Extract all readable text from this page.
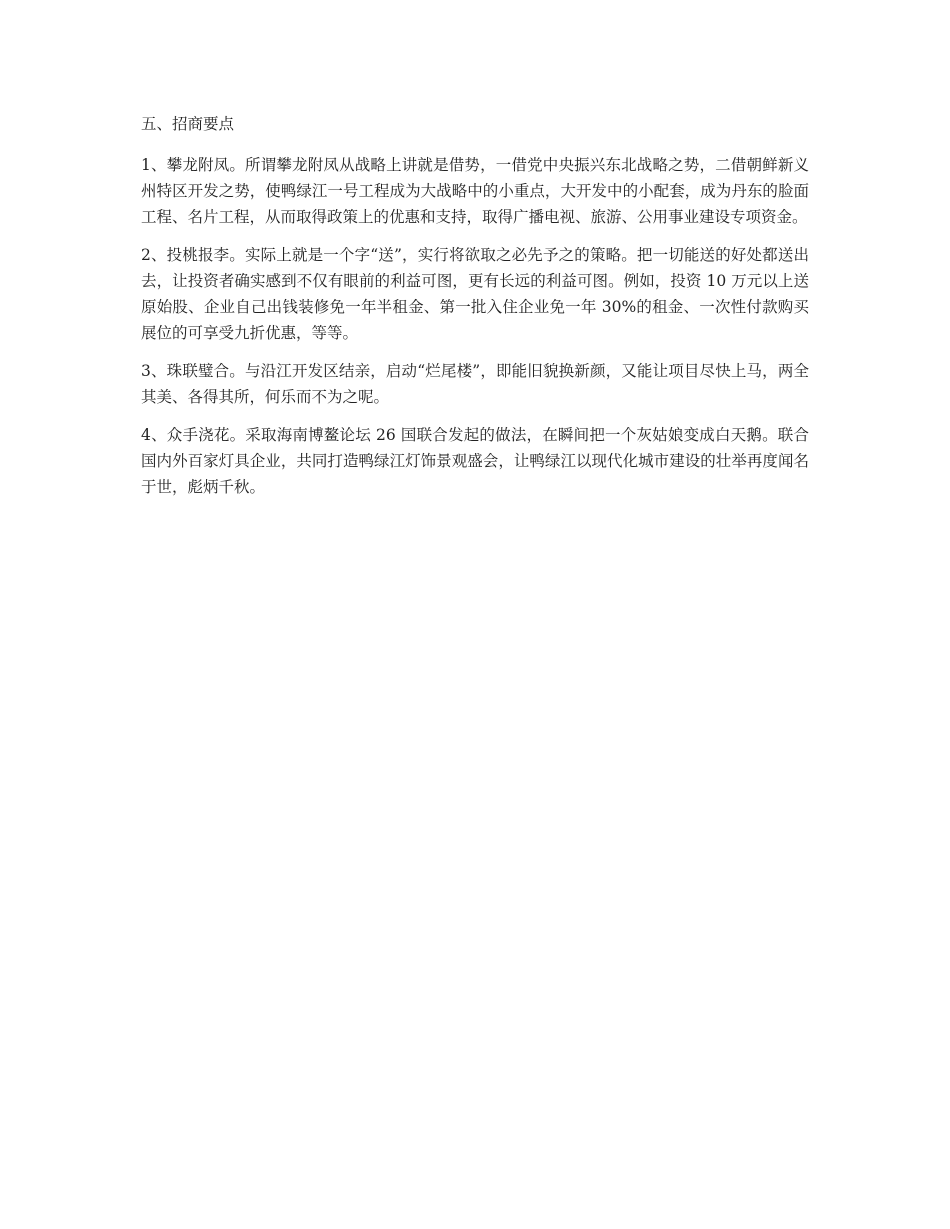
五、招商要点

1、攀龙附凤。所谓攀龙附凤从战略上讲就是借势，一借党中央振兴东北战略之势，二借朝鲜新义州特区开发之势，使鸭绿江一号工程成为大战略中的小重点，大开发中的小配套，成为丹东的脸面工程、名片工程，从而取得政策上的优惠和支持，取得广播电视、旅游、公用事业建设专项资金。

2、投桃报李。实际上就是一个字“送”，实行将欲取之必先予之的策略。把一切能送的好处都送出去，让投资者确实感到不仅有眼前的利益可图，更有长远的利益可图。例如，投资 10 万元以上送原始股、企业自己出钱装修免一年半租金、第一批入住企业免一年 30%的租金、一次性付款购买展位的可享受九折优惠，等等。

3、珠联璧合。与沿江开发区结亲，启动“烂尾楼”，即能旧貌换新颜，又能让项目尽快上马，两全其美、各得其所，何乐而不为之呢。

4、众手浇花。采取海南博鳌论坛 26 国联合发起的做法，在瞬间把一个灰姑娘变成白天鹅。联合国内外百家灯具企业，共同打造鸭绿江灯饰景观盛会，让鸭绿江以现代化城市建设的壮举再度闻名于世，彪炳千秋。
